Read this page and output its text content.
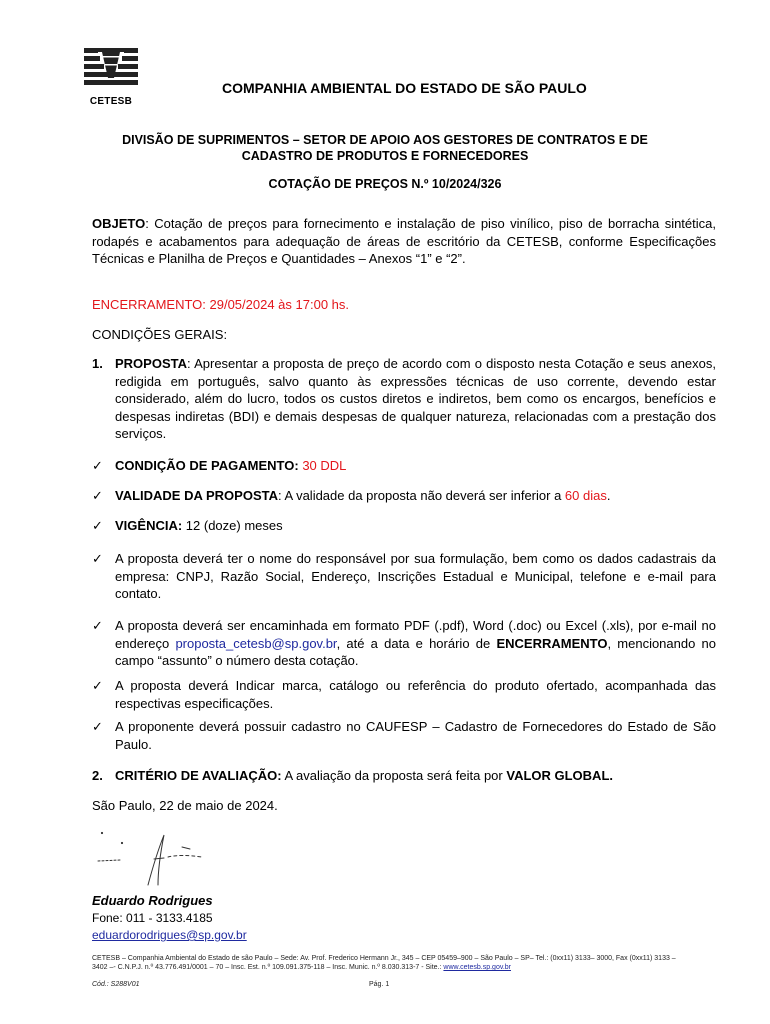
CETESB
COMPANHIA AMBIENTAL DO ESTADO DE SÃO PAULO
DIVISÃO DE SUPRIMENTOS – SETOR DE APOIO AOS GESTORES DE CONTRATOS E DE
CADASTRO DE PRODUTOS E FORNECEDORES
COTAÇÃO DE PREÇOS N.º 10/2024/326
OBJETO: Cotação de preços para fornecimento e instalação de piso vinílico, piso de borracha sintética, rodapés e acabamentos para adequação de áreas de escritório da CETESB, conforme Especificações Técnicas e Planilha de Preços e Quantidades – Anexos “1” e “2”.
ENCERRAMENTO: 29/05/2024 às 17:00 hs.
CONDIÇÕES GERAIS:
1. PROPOSTA: Apresentar a proposta de preço de acordo com o disposto nesta Cotação e seus anexos, redigida em português, salvo quanto às expressões técnicas de uso corrente, devendo estar considerado, além do lucro, todos os custos diretos e indiretos, bem como os encargos, benefícios e despesas indiretas (BDI) e demais despesas de qualquer natureza, relacionadas com a prestação dos serviços.
✓ CONDIÇÃO DE PAGAMENTO: 30 DDL
✓ VALIDADE DA PROPOSTA: A validade da proposta não deverá ser inferior a 60 dias.
✓ VIGÊNCIA: 12 (doze) meses
✓ A proposta deverá ter o nome do responsável por sua formulação, bem como os dados cadastrais da empresa: CNPJ, Razão Social, Endereço, Inscrições Estadual e Municipal, telefone e e-mail para contato.
✓ A proposta deverá ser encaminhada em formato PDF (.pdf), Word (.doc) ou Excel (.xls), por e-mail no endereço proposta_cetesb@sp.gov.br, até a data e horário de ENCERRAMENTO, mencionando no campo “assunto” o número desta cotação.
✓ A proposta deverá Indicar marca, catálogo ou referência do produto ofertado, acompanhada das respectivas especificações.
✓ A proponente deverá possuir cadastro no CAUFESP – Cadastro de Fornecedores do Estado de São Paulo.
2. CRITÉRIO DE AVALIAÇÃO: A avaliação da proposta será feita por VALOR GLOBAL.
São Paulo, 22 de maio de 2024.
Eduardo Rodrigues
Fone: 011 - 3133.4185
eduardorodrigues@sp.gov.br
CETESB – Companhia Ambiental do Estado de são Paulo – Sede: Av. Prof. Frederico Hermann Jr., 345 – CEP 05459–900 – São Paulo – SP– Tel.: (0xx11) 3133– 3000, Fax (0xx11) 3133 – 3402 –- C.N.P.J. n.º 43.776.491/0001 – 70 – Insc. Est. n.º 109.091.375-118 – Insc. Munic. n.º 8.030.313-7 - Site.: www.cetesb.sp.gov.br
Cód.: S288V01	Pág. 1
